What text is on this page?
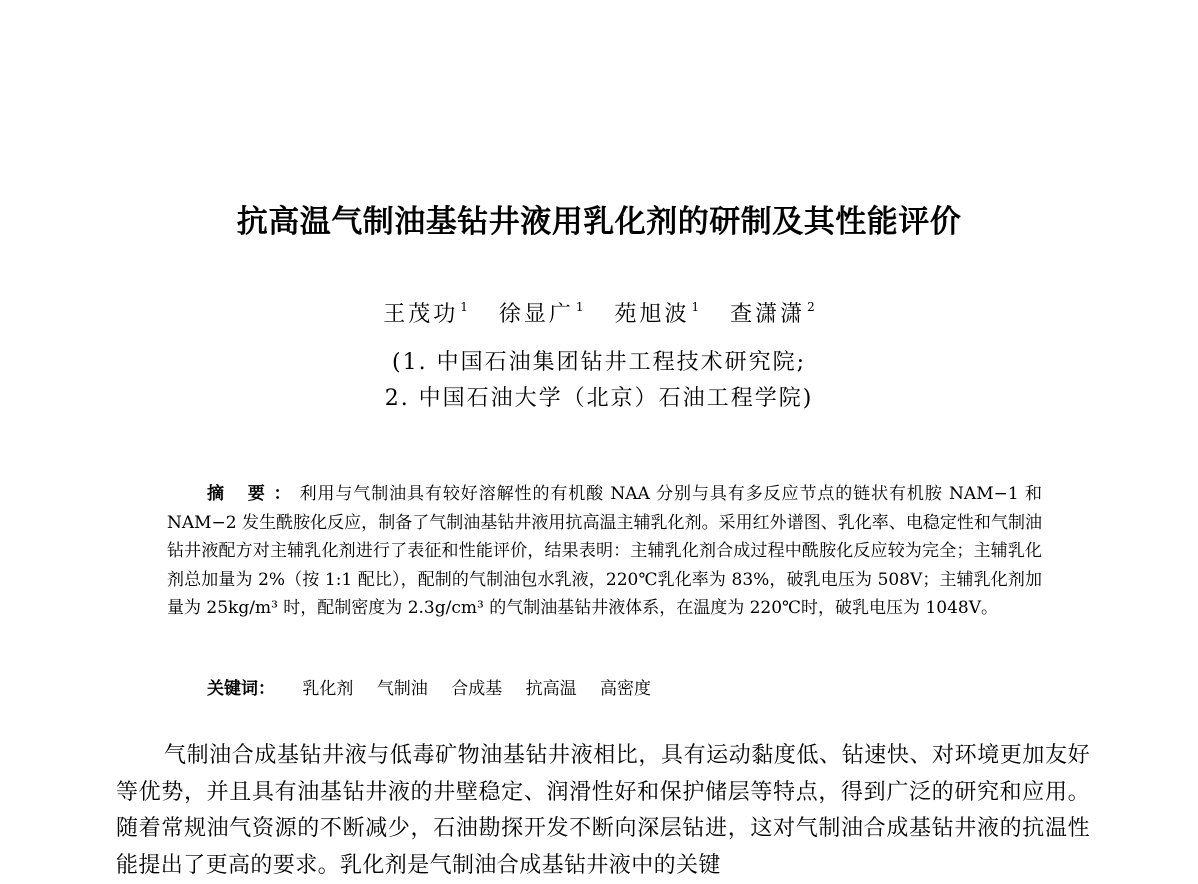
抗高温气制油基钻井液用乳化剂的研制及其性能评价
王茂功 $^1$ 徐显广 $^1$ 苑旭波 $^1$ 查潇潇 $^2$
(1. 中国石油集团钻井工程技术研究院;
2. 中国石油大学（北京）石油工程学院)

摘 要：利用与气制油具有较好溶解性的有机酸 NAA 分别与具有多反应节点的链状有机胺 NAM−1 和 NAM−2 发生酰胺化反应，制备了气制油基钻井液用抗高温主辅乳化剂。采用红外谱图、乳化率、电稳定性和气制油钻井液配方对主辅乳化剂进行了表征和性能评价，结果表明：主辅乳化剂合成过程中酰胺化反应较为完全；主辅乳化剂总加量为 2%（按 1:1 配比），配制的气制油包水乳液，220℃乳化率为 83%，破乳电压为 508V；主辅乳化剂加量为 25kg/m³ 时，配制密度为 2.3g/cm³ 的气制油基钻井液体系，在温度为 220℃时，破乳电压为 1048V。

关键词： 乳化剂 气制油 合成基 抗高温 高密度

气制油合成基钻井液与低毒矿物油基钻井液相比，具有运动黏度低、钻速快、对环境更加友好等优势，并且具有油基钻井液的井壁稳定、润滑性好和保护储层等特点，得到广泛的研究和应用。随着常规油气资源的不断减少，石油勘探开发不断向深层钻进，这对气制油合成基钻井液的抗温性能提出了更高的要求。乳化剂是气制油合成基钻井液中的关键
